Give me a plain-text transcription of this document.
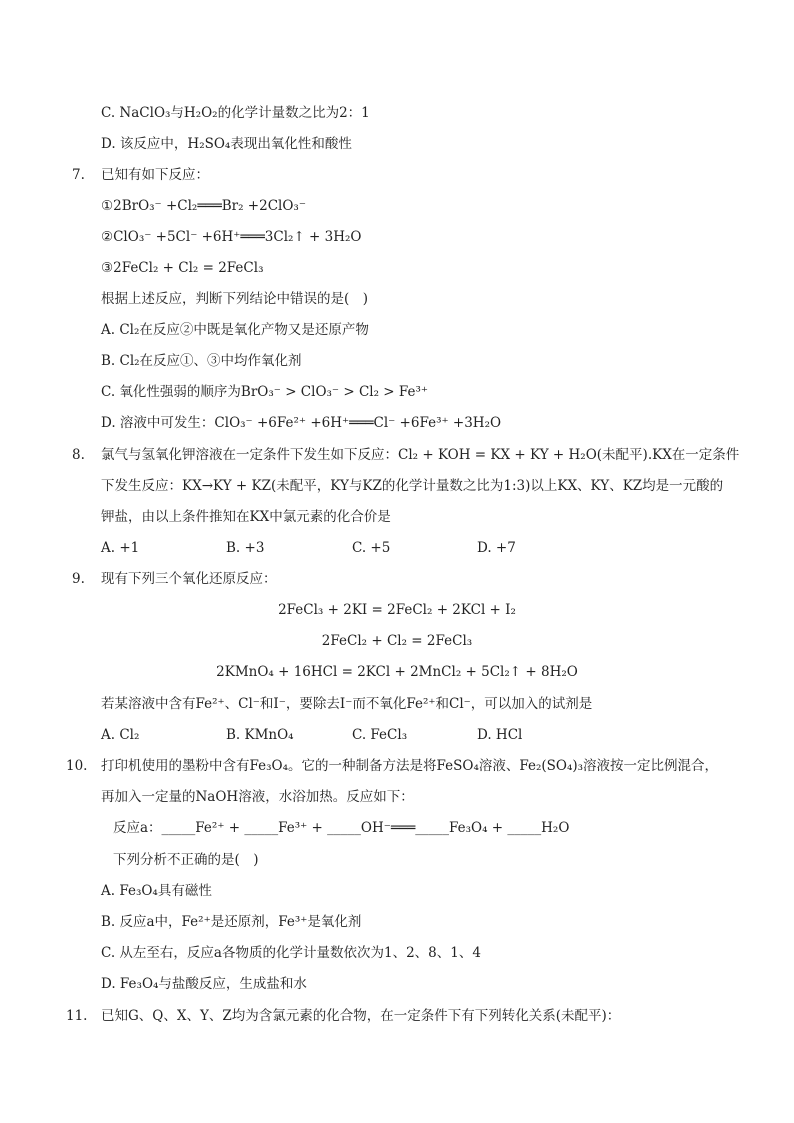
C. NaClO₃与H₂O₂的化学计量数之比为2：1
D. 该反应中，H₂SO₄表现出氧化性和酸性
7. 已知有如下反应：
①2BrO₃⁻ +Cl₂═══Br₂ +2ClO₃⁻
②ClO₃⁻ +5Cl⁻ +6H⁺═══3Cl₂↑ + 3H₂O
③2FeCl₂ + Cl₂ = 2FeCl₃
根据上述反应，判断下列结论中错误的是(　)
A. Cl₂在反应②中既是氧化产物又是还原产物
B. Cl₂在反应①、③中均作氧化剂
C. 氧化性强弱的顺序为BrO₃⁻ > ClO₃⁻ > Cl₂ > Fe³⁺
D. 溶液中可发生：ClO₃⁻ +6Fe²⁺ +6H⁺═══Cl⁻ +6Fe³⁺ +3H₂O
8. 氯气与氢氧化钾溶液在一定条件下发生如下反应：Cl₂ + KOH = KX + KY + H₂O(未配平).KX在一定条件
下发生反应：KX→KY + KZ(未配平，KY与KZ的化学计量数之比为1:3)以上KX、KY、KZ均是一元酸的
钾盐，由以上条件推知在KX中氯元素的化合价是
A. +1	B. +3	C. +5	D. +7
9. 现有下列三个氧化还原反应：
2FeCl₃ + 2KI = 2FeCl₂ + 2KCl + I₂
2FeCl₂ + Cl₂ = 2FeCl₃
2KMnO₄ + 16HCl = 2KCl + 2MnCl₂ + 5Cl₂↑ + 8H₂O
若某溶液中含有Fe²⁺、Cl⁻和I⁻，要除去I⁻而不氧化Fe²⁺和Cl⁻，可以加入的试剂是
A. Cl₂	B. KMnO₄	C. FeCl₃	D. HCl
10. 打印机使用的墨粉中含有Fe₃O₄。它的一种制备方法是将FeSO₄溶液、Fe₂(SO₄)₃溶液按一定比例混合，
再加入一定量的NaOH溶液，水浴加热。反应如下：
反应a：_____Fe²⁺ + _____Fe³⁺ + _____OH⁻═══_____Fe₃O₄ + _____H₂O
下列分析不正确的是(　)
A. Fe₃O₄具有磁性
B. 反应a中，Fe²⁺是还原剂，Fe³⁺是氧化剂
C. 从左至右，反应a各物质的化学计量数依次为1、2、8、1、4
D. Fe₃O₄与盐酸反应，生成盐和水
11. 已知G、Q、X、Y、Z均为含氯元素的化合物，在一定条件下有下列转化关系(未配平)：
